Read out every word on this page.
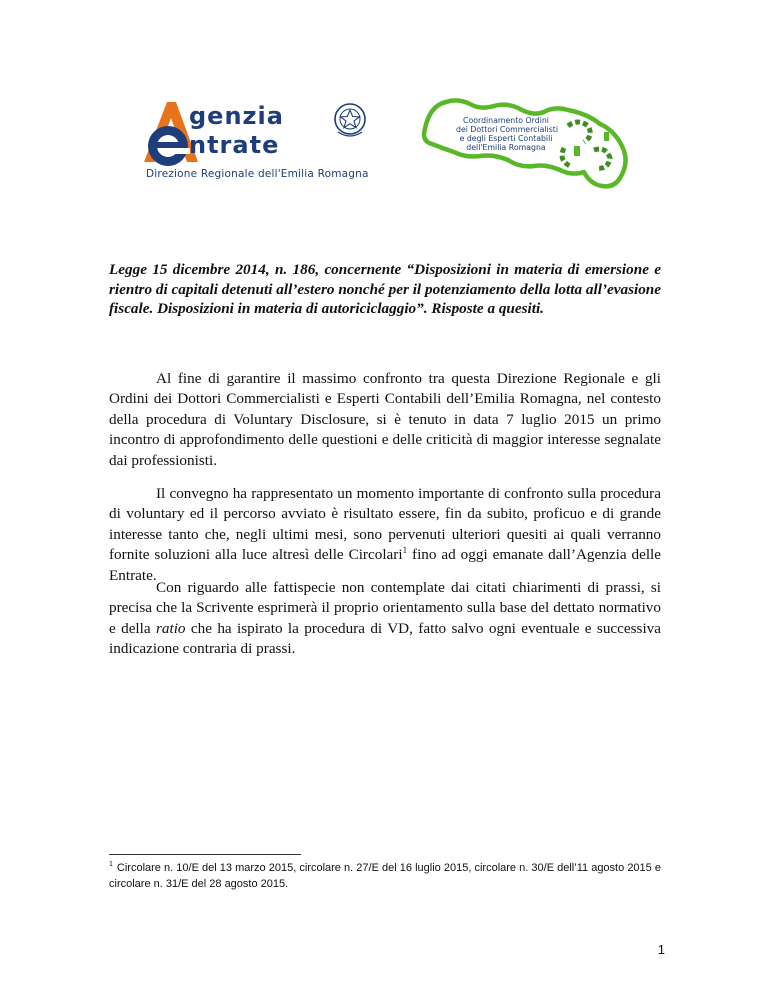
genzia
ntrate
Direzione Regionale dell'Emilia Romagna
Coordinamento Ordini
dei Dottori Commercialisti
e degli Esperti Contabili
dell'Emilia Romagna

Legge 15 dicembre 2014, n. 186, concernente “Disposizioni in materia di emersione e rientro di capitali detenuti all’estero nonché per il potenziamento della lotta all’evasione fiscale. Disposizioni in materia di autoriciclaggio”. Risposte a quesiti.

Al fine di garantire il massimo confronto tra questa Direzione Regionale e gli Ordini dei Dottori Commercialisti e Esperti Contabili dell’Emilia Romagna, nel contesto della procedura di Voluntary Disclosure, si è tenuto in data 7 luglio 2015 un primo incontro di approfondimento delle questioni e delle criticità di maggior interesse segnalate dai professionisti.

Il convegno ha rappresentato un momento importante di confronto sulla procedura di voluntary ed il percorso avviato è risultato essere, fin da subito, proficuo e di grande interesse tanto che, negli ultimi mesi, sono pervenuti ulteriori quesiti ai quali verranno fornite soluzioni alla luce altresì delle Circolari$^1$ fino ad oggi emanate dall’Agenzia delle Entrate.

Con riguardo alle fattispecie non contemplate dai citati chiarimenti di prassi, si precisa che la Scrivente esprimerà il proprio orientamento sulla base del dettato normativo e della ratio che ha ispirato la procedura di VD, fatto salvo ogni eventuale e successiva indicazione contraria di prassi.

$^1$ Circolare n. 10/E del 13 marzo 2015, circolare n. 27/E del 16 luglio 2015, circolare n. 30/E dell’11 agosto 2015 e circolare n. 31/E del 28 agosto 2015.

1
